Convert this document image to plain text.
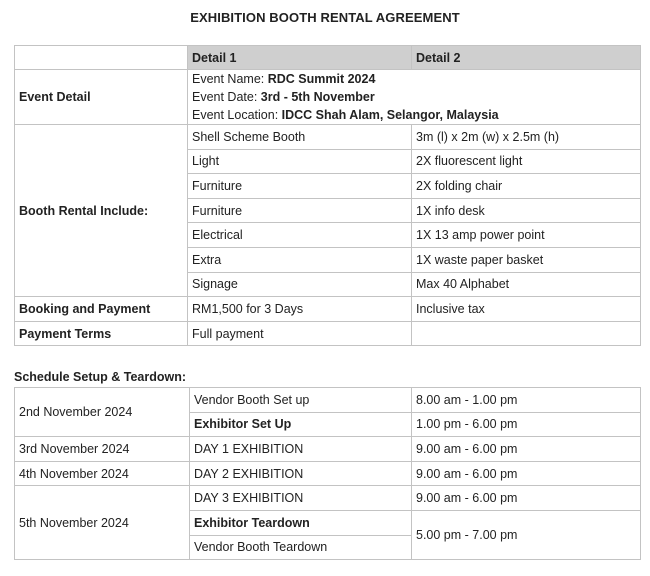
EXHIBITION BOOTH RENTAL AGREEMENT
	Detail 1	Detail 2
Event Detail	Event Name: RDC Summit 2024
Event Date: 3rd - 5th November
Event Location: IDCC Shah Alam, Selangor, Malaysia	

Booth Rental Include:	Shell Scheme Booth	3m (l) x 2m (w) x 2.5m (h)
	Light	2X fluorescent light
	Furniture	2X folding chair
	Furniture	1X info desk
	Electrical	1X 13 amp power point
	Extra	1X waste paper basket
	Signage	Max 40 Alphabet
Booking and Payment	RM1,500 for 3 Days	Inclusive tax
Payment Terms	Full payment	
Schedule Setup & Teardown:
2nd November 2024	Vendor Booth Set up	8.00 am - 1.00 pm
	Exhibitor Set Up	1.00 pm - 6.00 pm
3rd November 2024	DAY 1 EXHIBITION	9.00 am - 6.00 pm
4th November 2024	DAY 2 EXHIBITION	9.00 am - 6.00 pm
5th November 2024	DAY 3 EXHIBITION	9.00 am - 6.00 pm
	Exhibitor Teardown	5.00 pm - 7.00 pm
	Vendor Booth Teardown	
